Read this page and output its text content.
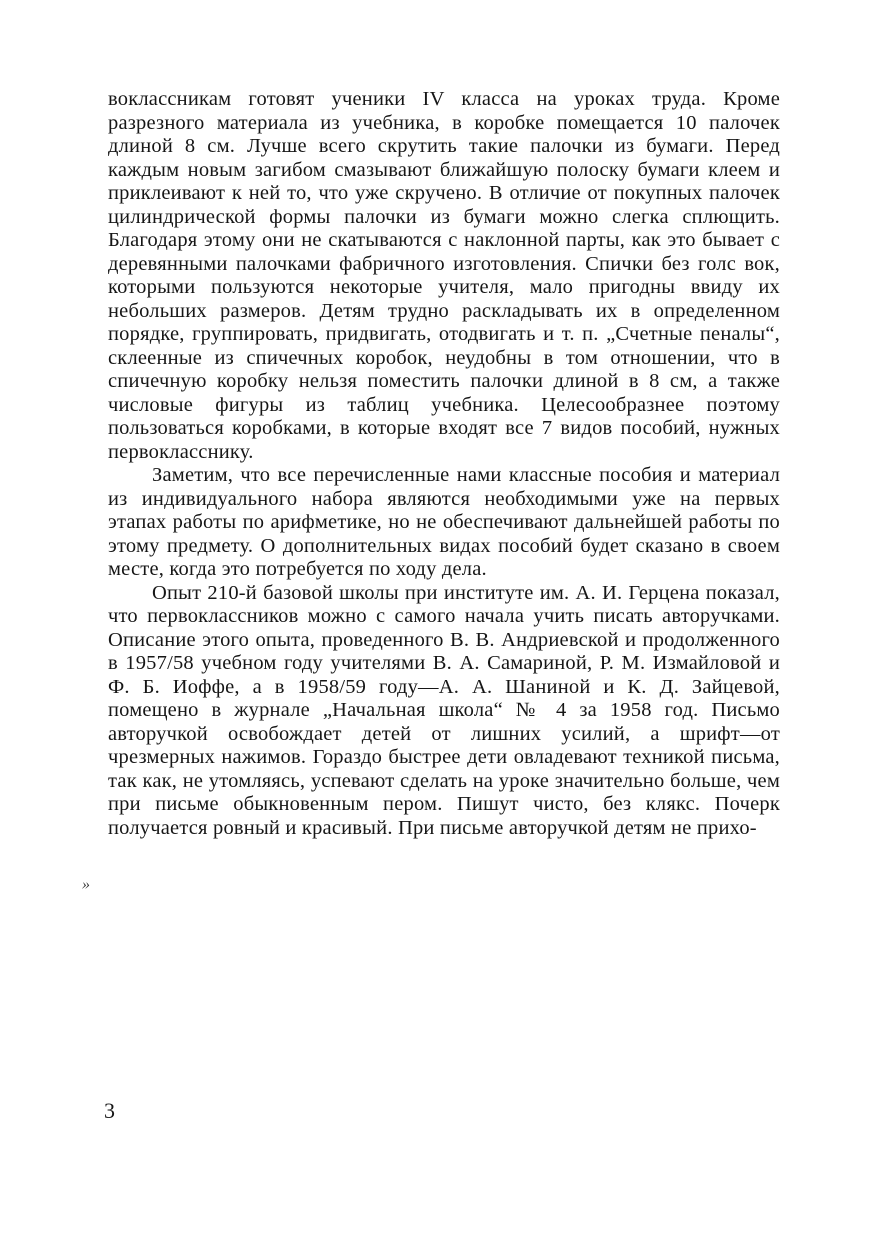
воклассникам готовят ученики IV класса на уроках труда. Кроме разрезного материала из учебника, в коробке помещается 10 палочек длиной 8 см. Лучше всего скрутить такие палочки из бумаги. Перед каждым новым загибом смазывают ближайшую полоску бумаги клеем и приклеивают к ней то, что уже скручено. В отличие от покупных палочек цилиндрической формы палочки из бумаги можно слегка сплющить. Благодаря этому они не скатываются с наклонной парты, как это бывает с деревянными палочками фабричного изготовления. Спички без голс вок, которыми пользуются некоторые учителя, мало пригодны ввиду их небольших размеров. Детям трудно раскладывать их в определенном порядке, группировать, придвигать, отодвигать и т. п. „Счетные пеналы“, склеенные из спичечных коробок, неудобны в том отношении, что в спичечную коробку нельзя поместить палочки длиной в 8 см, а также числовые фигуры из таблиц учебника. Целесообразнее поэтому пользоваться коробками, в которые входят все 7 видов пособий, нужных первокласснику.

Заметим, что все перечисленные нами классные пособия и материал из индивидуального набора являются необходимыми уже на первых этапах работы по арифметике, но не обеспечивают дальнейшей работы по этому предмету. О дополнительных видах пособий будет сказано в своем месте, когда это потребуется по ходу дела.

Опыт 210-й базовой школы при институте им. А. И. Герцена показал, что первоклассников можно с самого начала учить писать авторучками. Описание этого опыта, проведенного В. В. Андриевской и продолженного в 1957/58 учебном году учителями В. А. Самариной, Р. М. Измайловой и Ф. Б. Иоффе, а в 1958/59 году—А. А. Шаниной и К. Д. Зайцевой, помещено в журнале „Начальная школа“ № 4 за 1958 год. Письмо авторучкой освобождает детей от лишних усилий, а шрифт—от чрезмерных нажимов. Гораздо быстрее дети овладевают техникой письма, так как, не утомляясь, успевают сделать на уроке значительно больше, чем при письме обыкновенным пером. Пишут чисто, без клякс. Почерк получается ровный и красивый. При письме авторучкой детям не прихо-

»
3
